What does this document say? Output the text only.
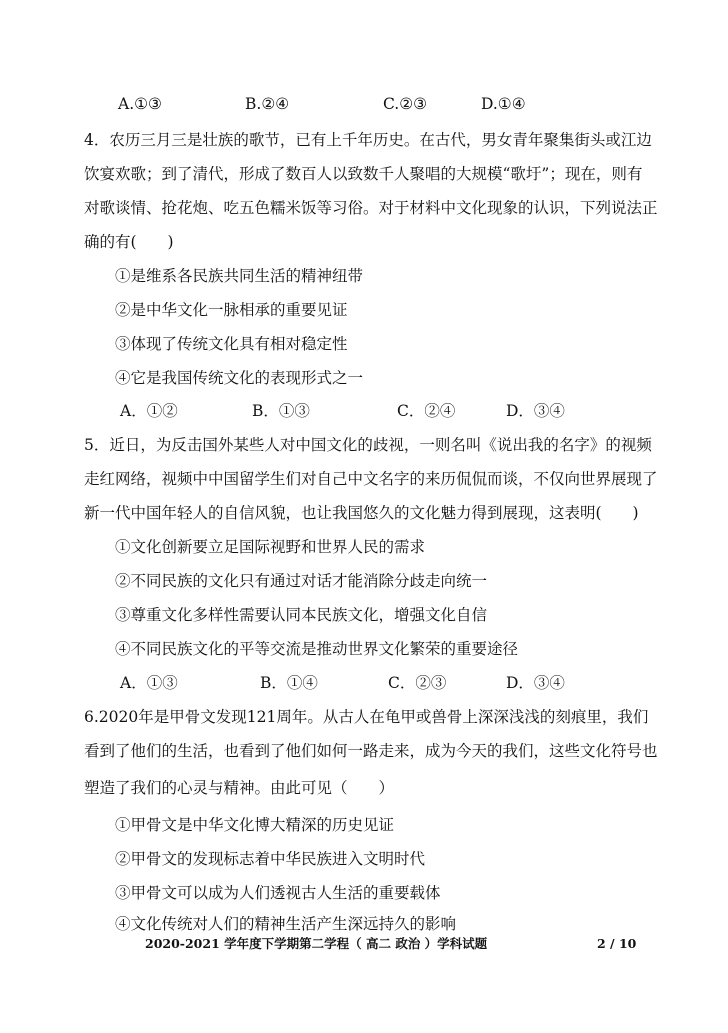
A.①③	B.②④	C.②③	D.①④
4．农历三月三是壮族的歌节，已有上千年历史。在古代，男女青年聚集街头或江边
饮宴欢歌；到了清代，形成了数百人以致数千人聚唱的大规模“歌圩”；现在，则有
对歌谈情、抢花炮、吃五色糯米饭等习俗。对于材料中文化现象的认识，下列说法正
确的有(　　)
①是维系各民族共同生活的精神纽带
②是中华文化一脉相承的重要见证
③体现了传统文化具有相对稳定性
④它是我国传统文化的表现形式之一
A．①②	B．①③	C．②④	D．③④
5．近日，为反击国外某些人对中国文化的歧视，一则名叫《说出我的名字》的视频
走红网络，视频中中国留学生们对自己中文名字的来历侃侃而谈，不仅向世界展现了
新一代中国年轻人的自信风貌，也让我国悠久的文化魅力得到展现，这表明(　　)
①文化创新要立足国际视野和世界人民的需求
②不同民族的文化只有通过对话才能消除分歧走向统一
③尊重文化多样性需要认同本民族文化，增强文化自信
④不同民族文化的平等交流是推动世界文化繁荣的重要途径
A．①③	B．①④	C．②③	D．③④
6.2020年是甲骨文发现121周年。从古人在龟甲或兽骨上深深浅浅的刻痕里，我们
看到了他们的生活，也看到了他们如何一路走来，成为今天的我们，这些文化符号也
塑造了我们的心灵与精神。由此可见（　　）
①甲骨文是中华文化博大精深的历史见证
②甲骨文的发现标志着中华民族进入文明时代
③甲骨文可以成为人们透视古人生活的重要载体
④文化传统对人们的精神生活产生深远持久的影响
2020-2021 学年度下学期第二学程（ 高二 政治 ）学科试题	2 / 10
